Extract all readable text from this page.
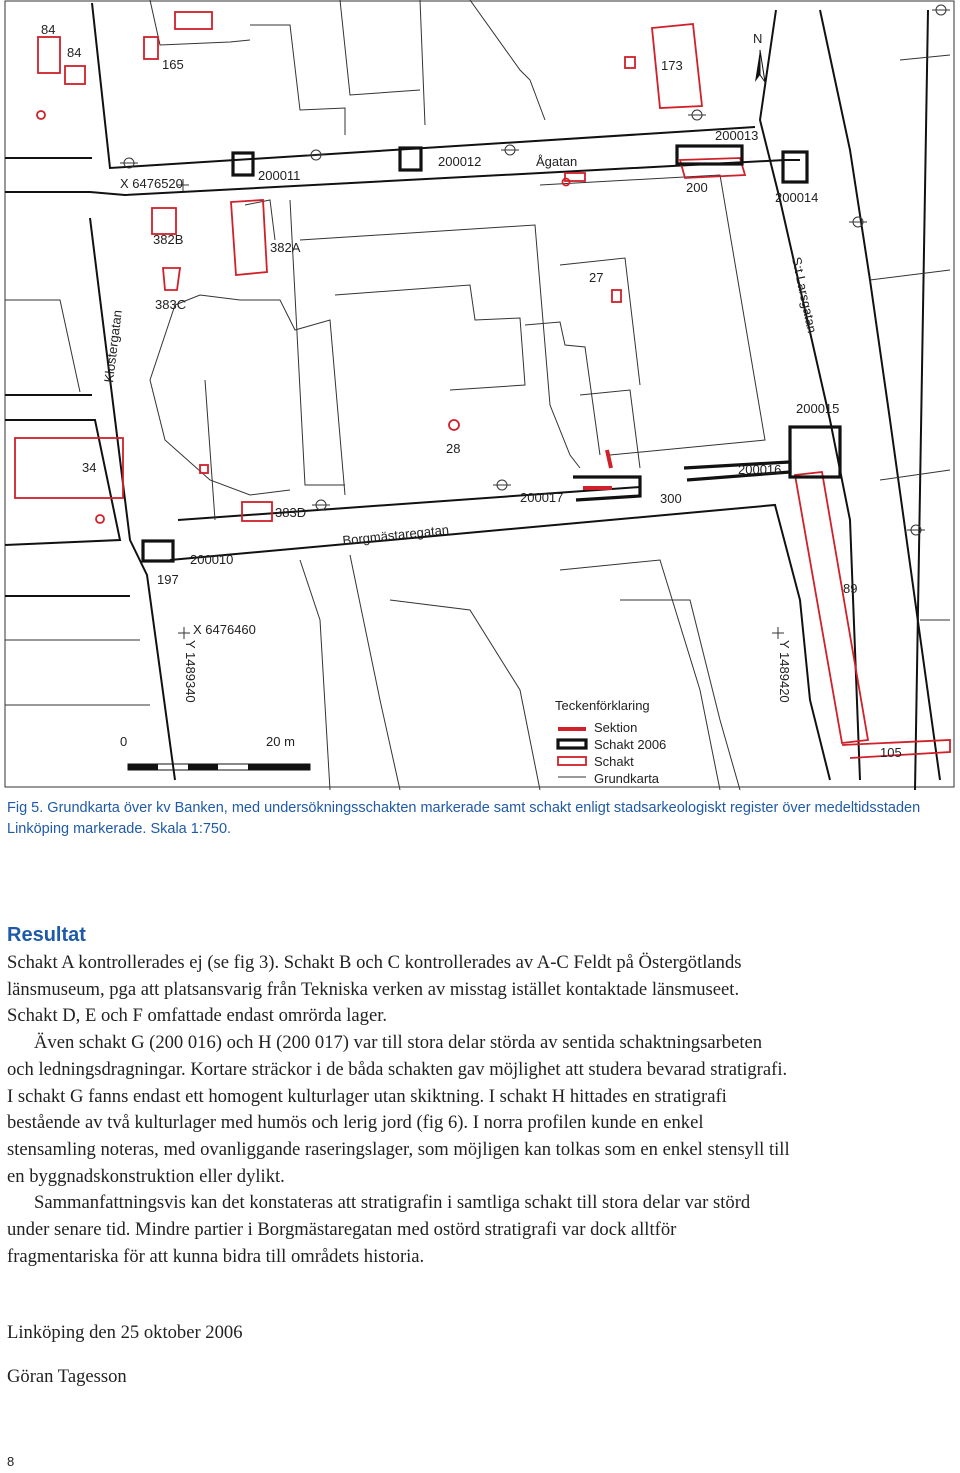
84
84
165	173
N
200013
200012	Ågatan
X 6476520
200011
200
200014
382B
382A
27	S:t Larsgatan
383C
Klostergatan
200015
28
34	200016
200017	300
383D
Borgmästaregatan
200010
197
89
X 6476460
Y 1489340	Y 1489420
0	20 m
105
Teckenförklaring
Sektion
Schakt 2006
Schakt
Grundkarta

Fig 5. Grundkarta över kv Banken, med undersökningsschakten markerade samt schakt enligt stadsarkeologiskt register över medeltidsstaden Linköping markerade. Skala 1:750.

Resultat

Schakt A kontrollerades ej (se fig 3). Schakt B och C kontrollerades av A-C Feldt på Östergötlands länsmuseum, pga att platsansvarig från Tekniska verken av misstag istället kontaktade länsmuseet. Schakt D, E och F omfattade endast omrörda lager.

Även schakt G (200 016) och H (200 017) var till stora delar störda av sentida schaktningsarbeten och ledningsdragningar. Kortare sträckor i de båda schakten gav möjlighet att studera bevarad stratigrafi. I schakt G fanns endast ett homogent kulturlager utan skiktning. I schakt H hittades en stratigrafi bestående av två kulturlager med humös och lerig jord (fig 6). I norra profilen kunde en enkel stensamling noteras, med ovanliggande raseringslager, som möjligen kan tolkas som en enkel stensyll till en byggnadskonstruktion eller dylikt.

Sammanfattningsvis kan det konstateras att stratigrafin i samtliga schakt till stora delar var störd under senare tid. Mindre partier i Borgmästaregatan med ostörd stratigrafi var dock alltför fragmentariska för att kunna bidra till områdets historia.

Linköping den 25 oktober 2006

Göran Tagesson

8
